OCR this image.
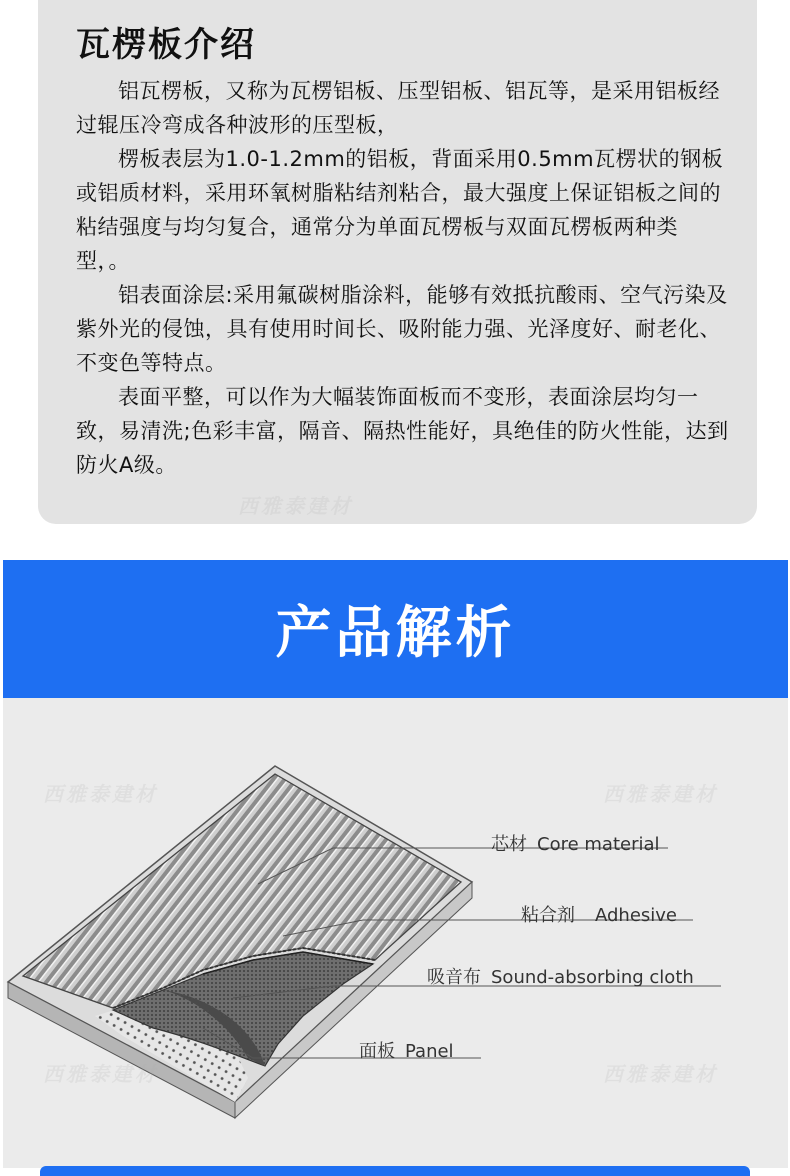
瓦楞板介绍

铝瓦楞板，又称为瓦楞铝板、压型铝板、铝瓦等，是采用铝板经过辊压冷弯成各种波形的压型板，

楞板表层为1.0-1.2mm的铝板，背面采用0.5mm瓦楞状的钢板或铝质材料，采用环氧树脂粘结剂粘合，最大强度上保证铝板之间的粘结强度与均匀复合，通常分为单面瓦楞板与双面瓦楞板两种类型，。

铝表面涂层:采用氟碳树脂涂料，能够有效抵抗酸雨、空气污染及紫外光的侵蚀，具有使用时间长、吸附能力强、光泽度好、耐老化、不变色等特点。

表面平整，可以作为大幅装饰面板而不变形，表面涂层均匀一致，易清洗;色彩丰富，隔音、隔热性能好，具绝佳的防火性能，达到防火A级。

西雅泰建材
产品解析
芯材 Core material
粘合剂 Adhesive
吸音布 Sound-absorbing cloth
面板 Panel
西雅泰建材	西雅泰建材
西雅泰建材	西雅泰建材
